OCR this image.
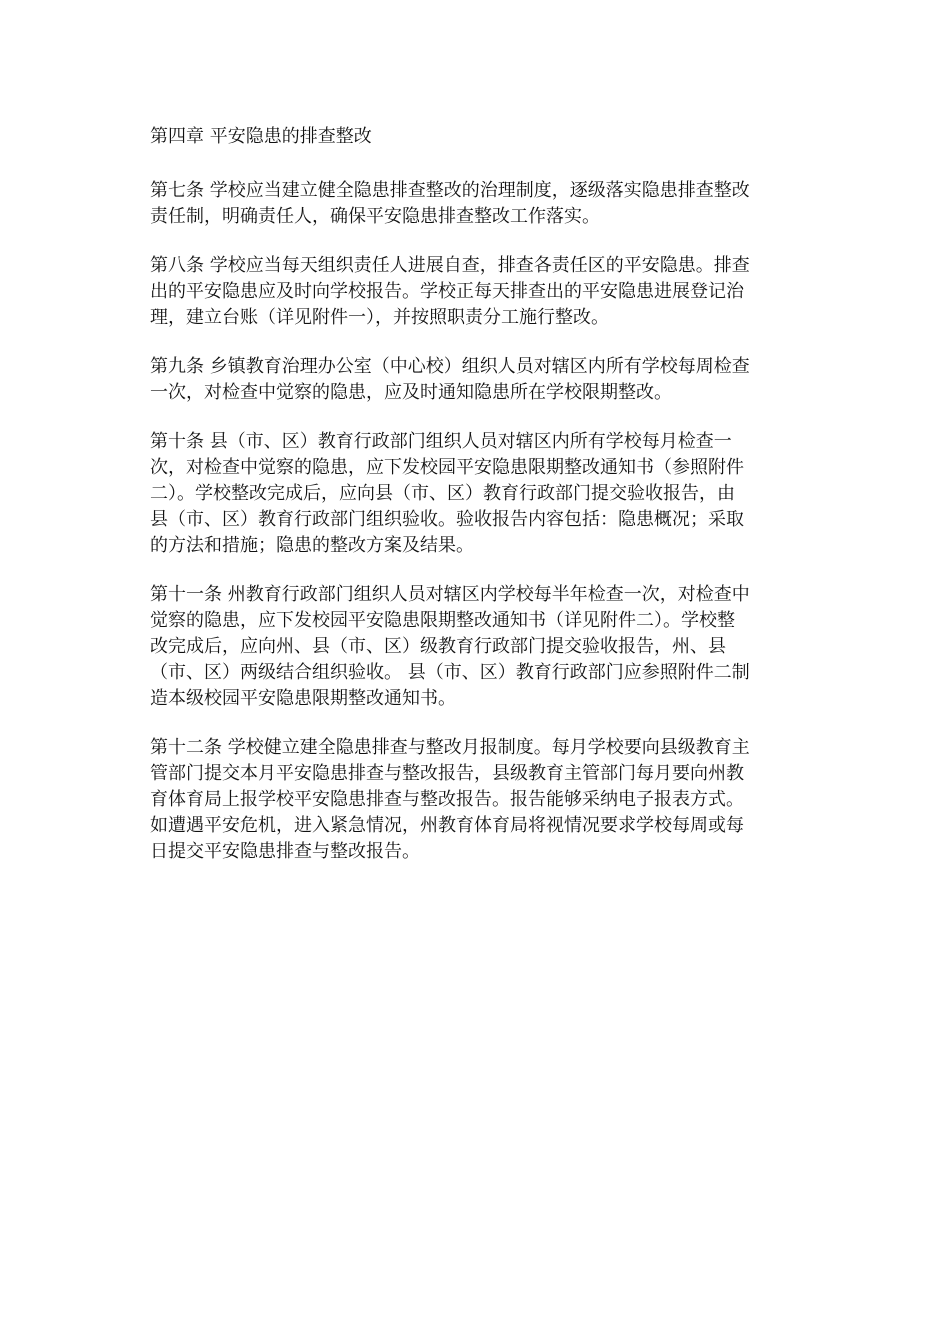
第四章 平安隐患的排查整改
第七条 学校应当建立健全隐患排查整改的治理制度，逐级落实隐患排查整改
责任制，明确责任人，确保平安隐患排查整改工作落实。
第八条 学校应当每天组织责任人进展自查，排查各责任区的平安隐患。排查
出的平安隐患应及时向学校报告。学校正每天排查出的平安隐患进展登记治
理，建立台账（详见附件一），并按照职责分工施行整改。
第九条 乡镇教育治理办公室（中心校）组织人员对辖区内所有学校每周检查
一次，对检查中觉察的隐患，应及时通知隐患所在学校限期整改。
第十条 县（市、区）教育行政部门组织人员对辖区内所有学校每月检查一
次，对检查中觉察的隐患，应下发校园平安隐患限期整改通知书（参照附件
二）。学校整改完成后，应向县（市、区）教育行政部门提交验收报告，由
县（市、区）教育行政部门组织验收。验收报告内容包括：隐患概况；采取
的方法和措施；隐患的整改方案及结果。
第十一条 州教育行政部门组织人员对辖区内学校每半年检查一次，对检查中
觉察的隐患，应下发校园平安隐患限期整改通知书（详见附件二）。学校整
改完成后，应向州、县（市、区）级教育行政部门提交验收报告，州、县
（市、区）两级结合组织验收。 县（市、区）教育行政部门应参照附件二制
造本级校园平安隐患限期整改通知书。
第十二条 学校健立建全隐患排查与整改月报制度。每月学校要向县级教育主
管部门提交本月平安隐患排查与整改报告，县级教育主管部门每月要向州教
育体育局上报学校平安隐患排查与整改报告。报告能够采纳电子报表方式。
如遭遇平安危机，进入紧急情况，州教育体育局将视情况要求学校每周或每
日提交平安隐患排查与整改报告。
